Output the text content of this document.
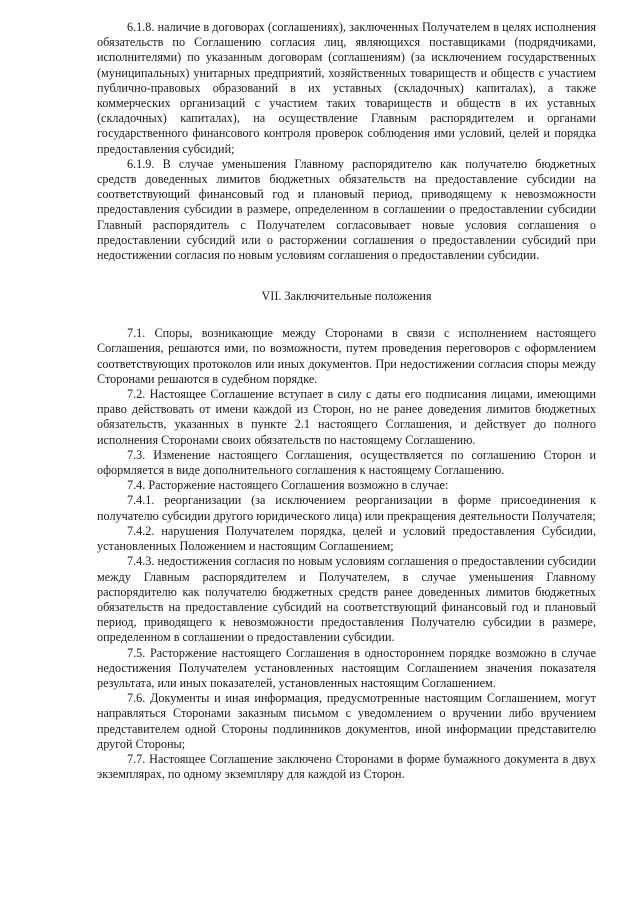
6.1.8. наличие в договорах (соглашениях), заключенных Получателем в целях исполнения обязательств по Соглашению согласия лиц, являющихся поставщиками (подрядчиками, исполнителями) по указанным договорам (соглашениям) (за исключением государственных (муниципальных) унитарных предприятий, хозяйственных товариществ и обществ с участием публично-правовых образований в их уставных (складочных) капиталах), а также коммерческих организаций с участием таких товариществ и обществ в их уставных (складочных) капиталах), на осуществление Главным распорядителем и органами государственного финансового контроля проверок соблюдения ими условий, целей и порядка предоставления субсидий;

6.1.9. В случае уменьшения Главному распорядителю как получателю бюджетных средств доведенных лимитов бюджетных обязательств на предоставление субсидии на соответствующий финансовый год и плановый период, приводящему к невозможности предоставления субсидии в размере, определенном в соглашении о предоставлении субсидии Главный распорядитель с Получателем согласовывает новые условия соглашения о предоставлении субсидий или о расторжении соглашения о предоставлении субсидий при недостижении согласия по новым условиям соглашения о предоставлении субсидии.

VII. Заключительные положения

7.1. Споры, возникающие между Сторонами в связи с исполнением настоящего Соглашения, решаются ими, по возможности, путем проведения переговоров с оформлением соответствующих протоколов или иных документов. При недостижении согласия споры между Сторонами решаются в судебном порядке.

7.2. Настоящее Соглашение вступает в силу с даты его подписания лицами, имеющими право действовать от имени каждой из Сторон, но не ранее доведения лимитов бюджетных обязательств, указанных в пункте 2.1 настоящего Соглашения, и действует до полного исполнения Сторонами своих обязательств по настоящему Соглашению.

7.3. Изменение настоящего Соглашения, осуществляется по соглашению Сторон и оформляется в виде дополнительного соглашения к настоящему Соглашению.

7.4. Расторжение настоящего Соглашения возможно в случае:

7.4.1. реорганизации (за исключением реорганизации в форме присоединения к получателю субсидии другого юридического лица) или прекращения деятельности Получателя;

7.4.2. нарушения Получателем порядка, целей и условий предоставления Субсидии, установленных Положением и настоящим Соглашением;

7.4.3. недостижения согласия по новым условиям соглашения о предоставлении субсидии между Главным распорядителем и Получателем, в случае уменьшения Главному распорядителю как получателю бюджетных средств ранее доведенных лимитов бюджетных обязательств на предоставление субсидий на соответствующий финансовый год и плановый период, приводящего к невозможности предоставления Получателю субсидии в размере, определенном в соглашении о предоставлении субсидии.

7.5. Расторжение настоящего Соглашения в одностороннем порядке возможно в случае недостижения Получателем установленных настоящим Соглашением значения показателя результата, или иных показателей, установленных настоящим Соглашением.

7.6. Документы и иная информация, предусмотренные настоящим Соглашением, могут направляться Сторонами заказным письмом с уведомлением о вручении либо вручением представителем одной Стороны подлинников документов, иной информации представителю другой Стороны;

7.7. Настоящее Соглашение заключено Сторонами в форме бумажного документа в двух экземплярах, по одному экземпляру для каждой из Сторон.
